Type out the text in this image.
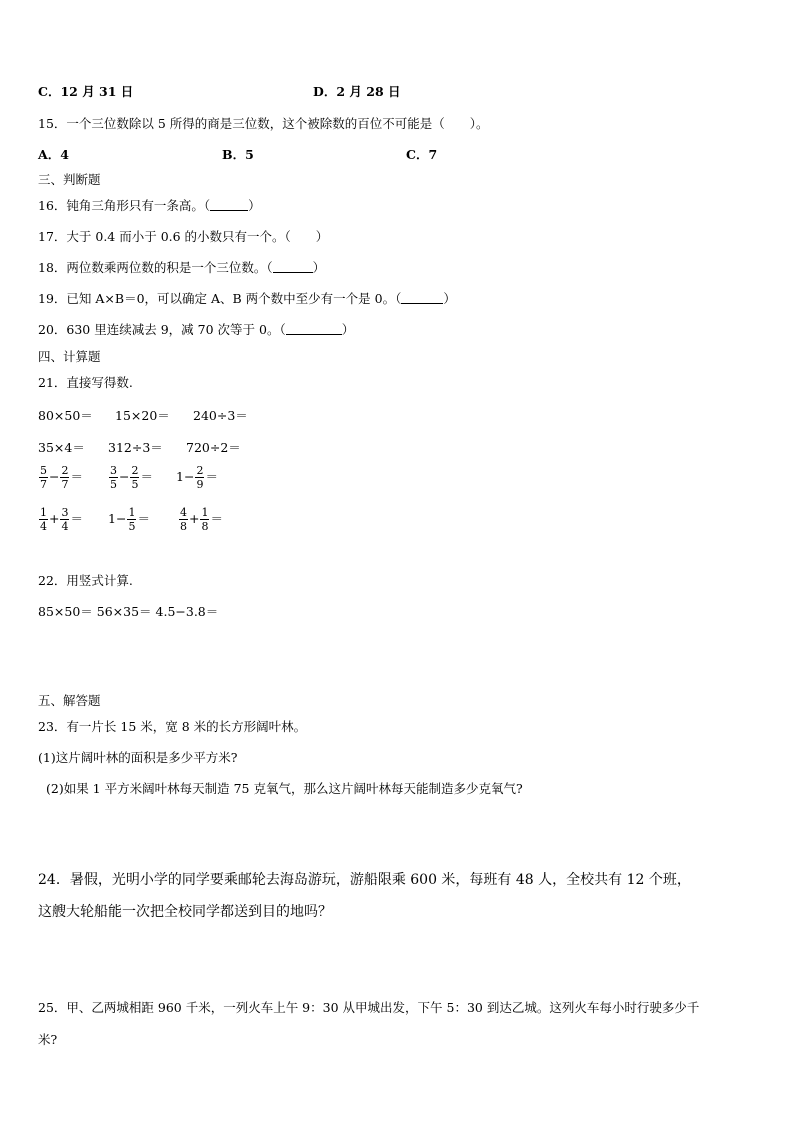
C．12 月 31 日	D．2 月 28 日
15．一个三位数除以 5 所得的商是三位数，这个被除数的百位不可能是（　　）。
A．4	B．5	C．7
三、判断题
16．钝角三角形只有一条高。（	）
17．大于 0.4 而小于 0.6 的小数只有一个。（　　）
18．两位数乘两位数的积是一个三位数。（	）
19．已知 A×B＝0，可以确定 A、B 两个数中至少有一个是 0。（	）
20．630 里连续减去 9，减 70 次等于 0。（	）
四、计算题
21．直接写得数.
80×50＝ 15×20＝ 240÷3＝
35×4＝ 312÷3＝ 720÷2＝
$\frac{5}{7} - \frac{2}{7} = \frac{3}{5} - \frac{2}{5} = 1- \frac{2}{9}$ ＝
$\frac{1}{4} + \frac{3}{4} = 1- \frac{1}{5}$ ＝	$\frac{4}{8} + \frac{1}{8}$ ＝
22．用竖式计算.
85×50＝ 56×35＝ 4.5−3.8＝
五、解答题
23．有一片长 15 米，宽 8 米的长方形阔叶林。
(1)这片阔叶林的面积是多少平方米?
(2)如果 1 平方米阔叶林每天制造 75 克氧气，那么这片阔叶林每天能制造多少克氧气?
24．暑假，光明小学的同学要乘邮轮去海岛游玩，游船限乘 600 米，每班有 48 人，全校共有 12 个班，
这艘大轮船能一次把全校同学都送到目的地吗？
25．甲、乙两城相距 960 千米，一列火车上午 9：30 从甲城出发，下午 5：30 到达乙城。这列火车每小时行驶多少千
米?
